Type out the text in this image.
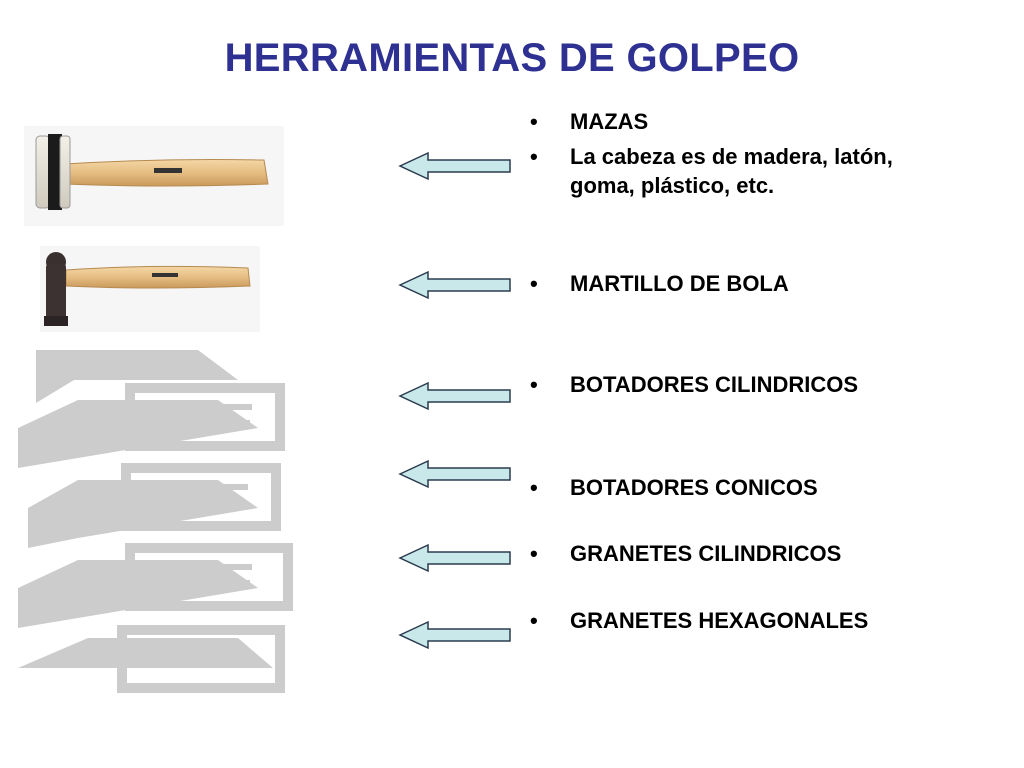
HERRAMIENTAS DE GOLPEO
•	MAZAS
•	La cabeza es de madera, latón, goma, plástico, etc.
•	MARTILLO DE BOLA
•	BOTADORES CILINDRICOS
•	BOTADORES CONICOS
•	GRANETES CILINDRICOS
•	GRANETES HEXAGONALES
